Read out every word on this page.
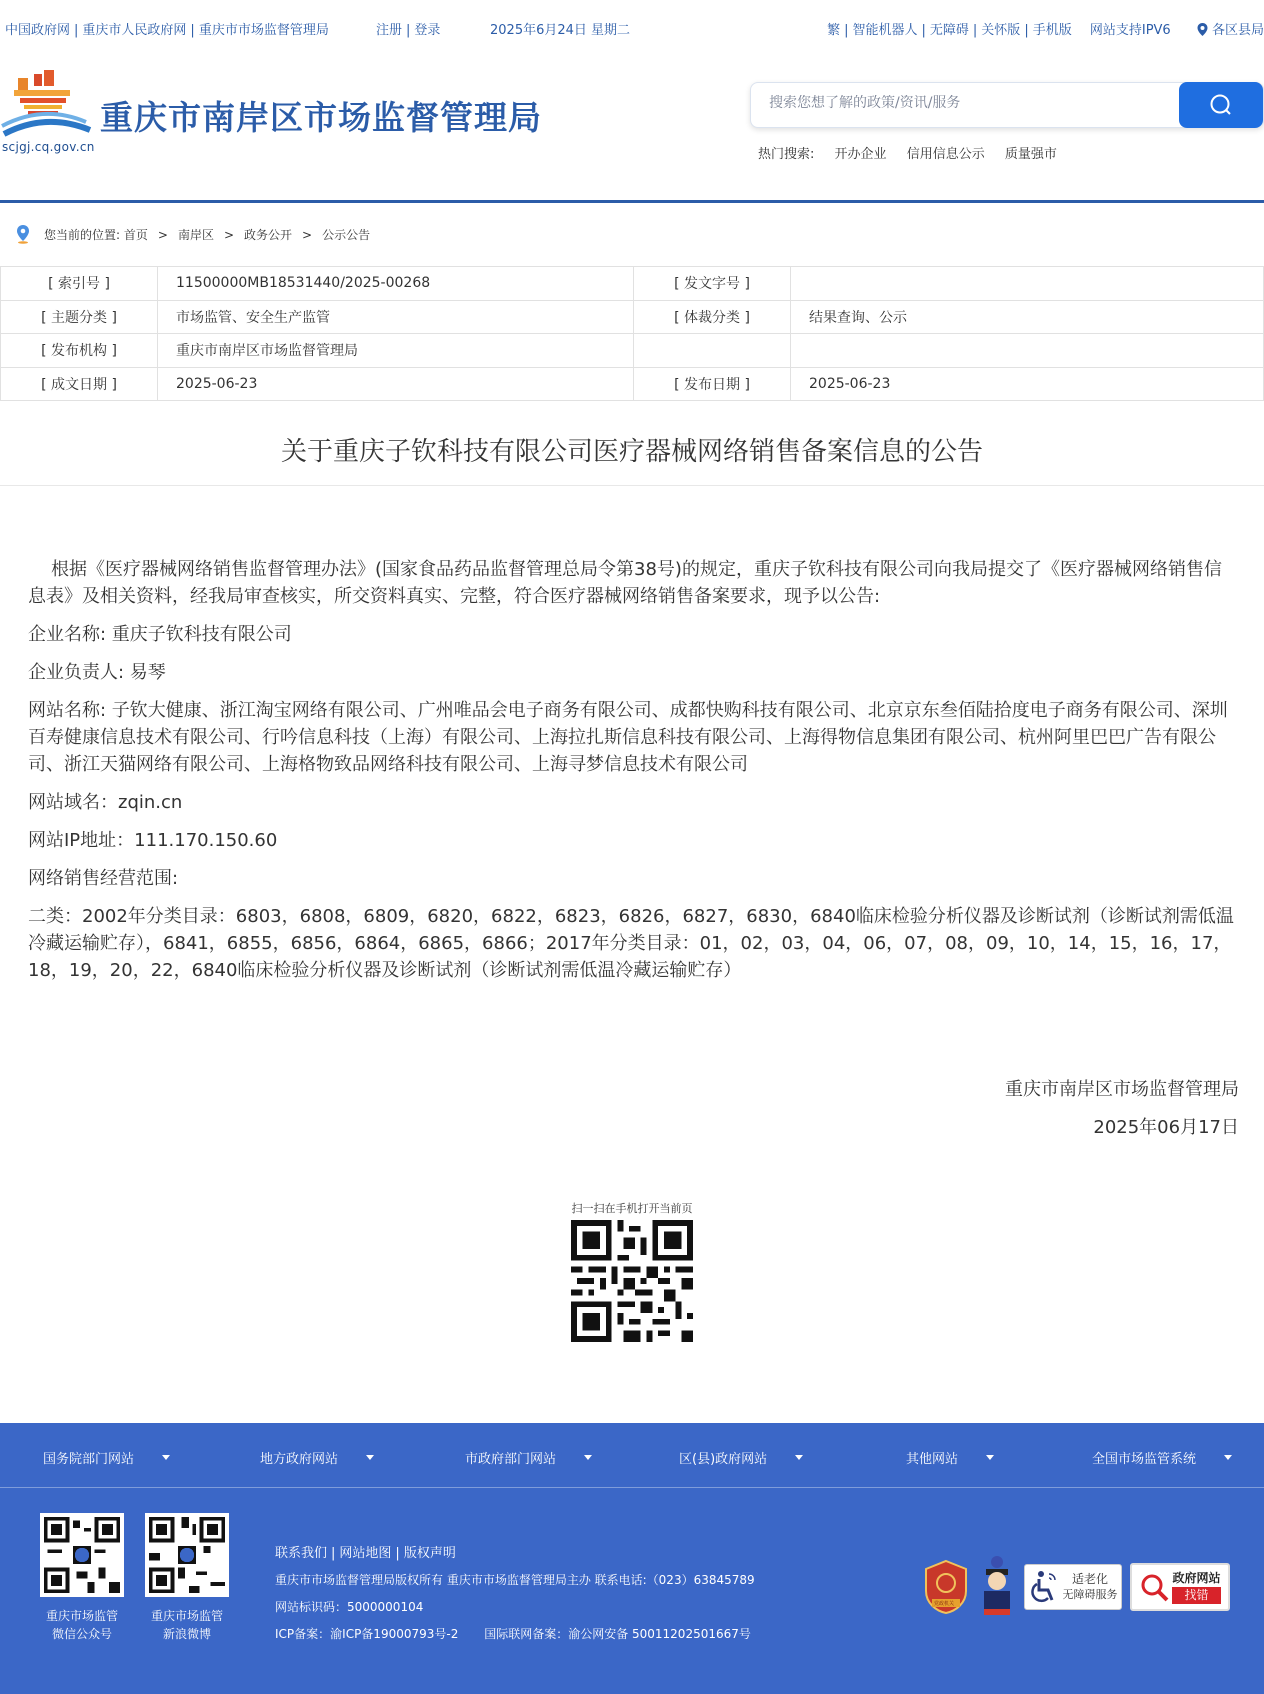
中国政府网 | 重庆市人民政府网 | 重庆市市场监督管理局	注册 | 登录	2025年6月24日 星期二	繁 | 智能机器人 | 无障碍 | 关怀版 | 手机版 网站支持IPV6	各区县局
scjgj.cq.gov.cn
重庆市南岸区市场监督管理局
搜索您想了解的政策/资讯/服务
热门搜索: 开办企业 信用信息公示 质量强市
您当前的位置: 首页 > 南岸区 > 政务公开 > 公示公告
[ 索引号 ]	11500000MB18531440/2025-00268	[ 发文字号 ]	
[ 主题分类 ]	市场监管、安全生产监管	[ 体裁分类 ]	结果查询、公示
[ 发布机构 ]	重庆市南岸区市场监督管理局		
[ 成文日期 ]	2025-06-23	[ 发布日期 ]	2025-06-23
关于重庆子钦科技有限公司医疗器械网络销售备案信息的公告

根据《医疗器械网络销售监督管理办法》(国家食品药品监督管理总局令第38号)的规定，重庆子钦科技有限公司向我局提交了《医疗器械网络销售信息表》及相关资料，经我局审查核实，所交资料真实、完整，符合医疗器械网络销售备案要求，现予以公告:

企业名称: 重庆子钦科技有限公司

企业负责人: 易琴

网站名称: 子钦大健康、浙江淘宝网络有限公司、广州唯品会电子商务有限公司、成都快购科技有限公司、北京京东叁佰陆拾度电子商务有限公司、深圳百寿健康信息技术有限公司、行吟信息科技（上海）有限公司、上海拉扎斯信息科技有限公司、上海得物信息集团有限公司、杭州阿里巴巴广告有限公司、浙江天猫网络有限公司、上海格物致品网络科技有限公司、上海寻梦信息技术有限公司

网站域名：zqin.cn

网站IP地址：111.170.150.60

网络销售经营范围:

二类：2002年分类目录：6803，6808，6809，6820，6822，6823，6826，6827，6830，6840临床检验分析仪器及诊断试剂（诊断试剂需低温冷藏运输贮存），6841，6855，6856，6864，6865，6866；2017年分类目录：01，02，03，04，06，07，08，09，10，14，15，16，17，18，19，20，22，6840临床检验分析仪器及诊断试剂（诊断试剂需低温冷藏运输贮存）

重庆市南岸区市场监督管理局
2025年06月17日
扫一扫在手机打开当前页
国务院部门网站	地方政府网站	市政府部门网站	区(县)政府网站	其他网站	全国市场监管系统
重庆市场监管
微信公众号
重庆市场监管
新浪微博
联系我们 | 网站地图 | 版权声明
重庆市市场监督管理局版权所有 重庆市市场监督管理局主办 联系电话:（023）63845789
网站标识码：5000000104
ICP备案：渝ICP备19000793号-2 国际联网备案：渝公网安备 50011202501667号
党政机关
适老化
无障碍服务
政府网站
找错
